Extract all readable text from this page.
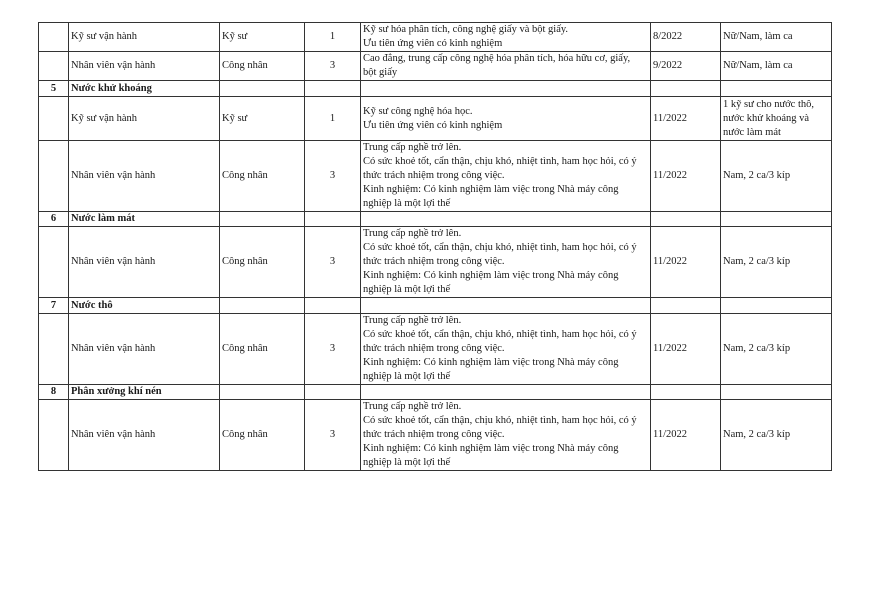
	Kỹ sư vận hành	Kỹ sư	1	Kỹ sư hóa phân tích, công nghệ giấy và bột giấy.
Ưu tiên ứng viên có kinh nghiệm	8/2022	Nữ/Nam, làm ca
	Nhân viên vận hành	Công nhân	3	Cao đẳng, trung cấp công nghệ hóa phân tích, hóa hữu cơ, giấy,
bột giấy	9/2022	Nữ/Nam, làm ca
5	Nước khử khoáng					
	Kỹ sư vận hành	Kỹ sư	1	Kỹ sư công nghệ hóa học.
Ưu tiên ứng viên có kinh nghiệm	11/2022	1 kỹ sư cho nước thô, nước khử khoáng và nước làm mát
	Nhân viên vận hành	Công nhân	3	Trung cấp nghề trở lên.
Có sức khoẻ tốt, cẩn thận, chịu khó, nhiệt tình, ham học hỏi, có ý
thức trách nhiệm trong công việc.
Kinh nghiệm: Có kinh nghiệm làm việc trong Nhà máy công
nghiệp là một lợi thế	11/2022	Nam, 2 ca/3 kíp
6	Nước làm mát					
	Nhân viên vận hành	Công nhân	3	Trung cấp nghề trở lên.
Có sức khoẻ tốt, cẩn thận, chịu khó, nhiệt tình, ham học hỏi, có ý
thức trách nhiệm trong công việc.
Kinh nghiệm: Có kinh nghiệm làm việc trong Nhà máy công
nghiệp là một lợi thế	11/2022	Nam, 2 ca/3 kíp
7	Nước thô					
	Nhân viên vận hành	Công nhân	3	Trung cấp nghề trở lên.
Có sức khoẻ tốt, cẩn thận, chịu khó, nhiệt tình, ham học hỏi, có ý
thức trách nhiệm trong công việc.
Kinh nghiệm: Có kinh nghiệm làm việc trong Nhà máy công
nghiệp là một lợi thế	11/2022	Nam, 2 ca/3 kíp
8	Phân xưởng khí nén					
	Nhân viên vận hành	Công nhân	3	Trung cấp nghề trở lên.
Có sức khoẻ tốt, cẩn thận, chịu khó, nhiệt tình, ham học hỏi, có ý
thức trách nhiệm trong công việc.
Kinh nghiệm: Có kinh nghiệm làm việc trong Nhà máy công
nghiệp là một lợi thế	11/2022	Nam, 2 ca/3 kíp
